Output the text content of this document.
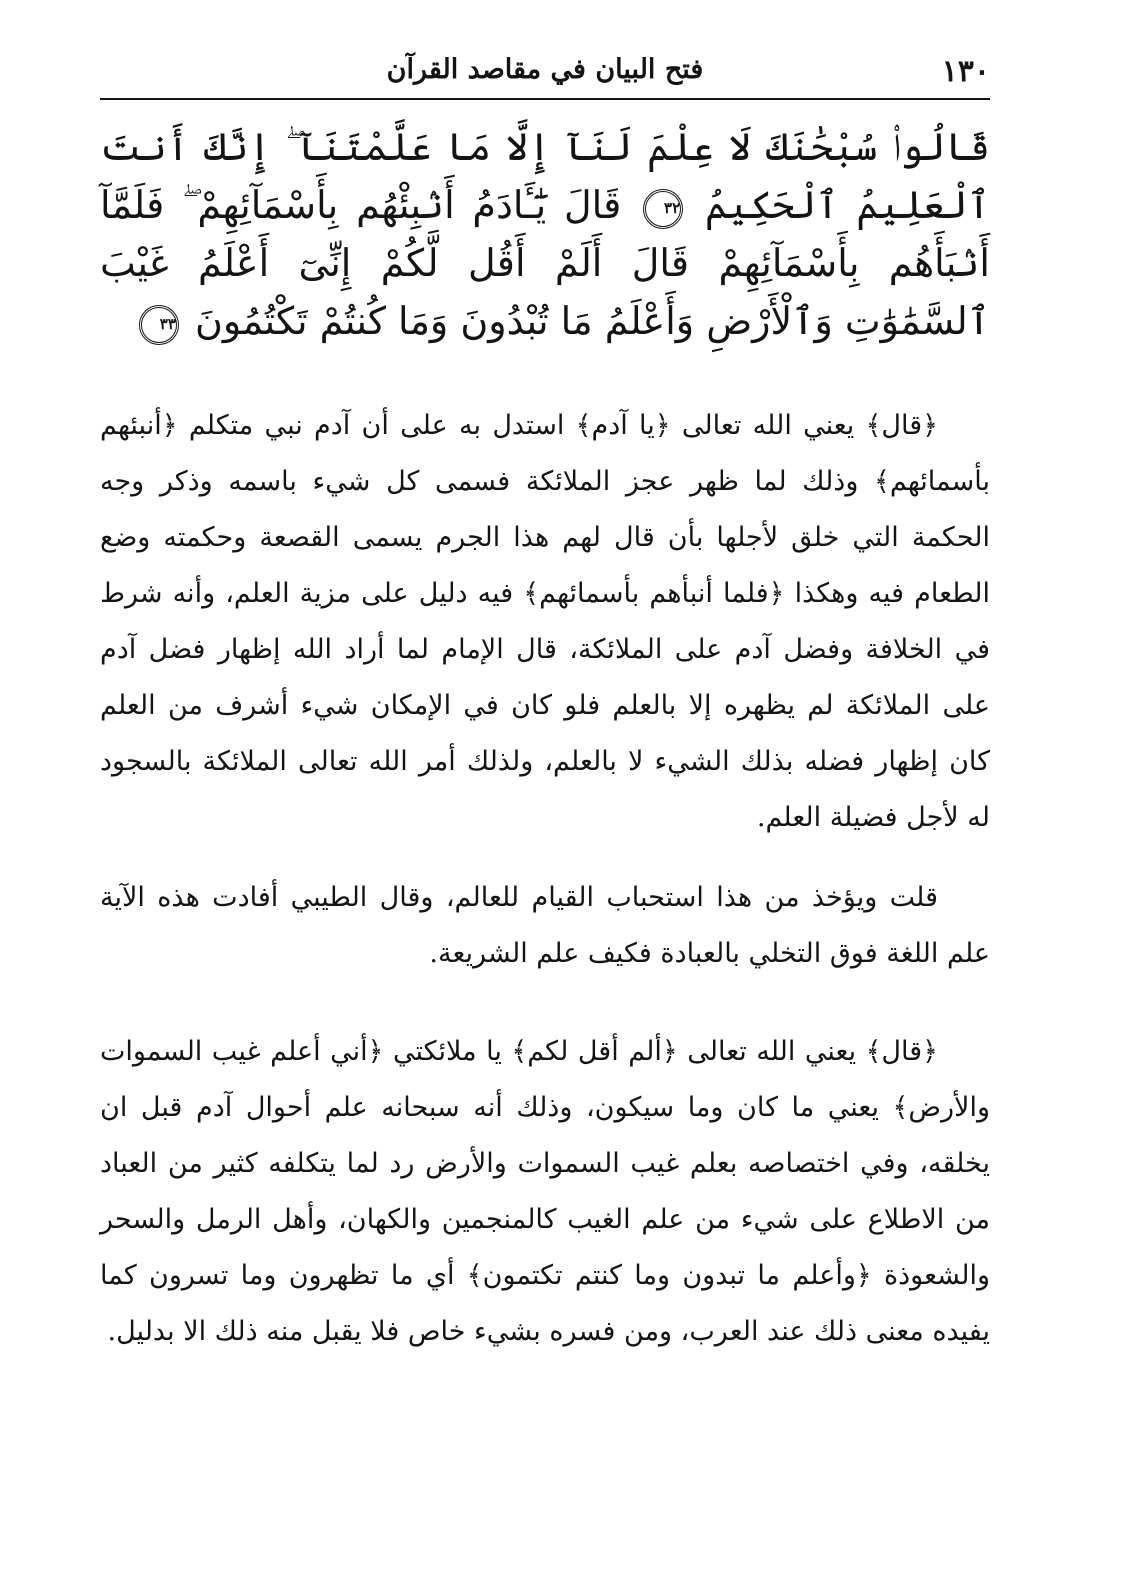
١٣٠
فتح البيان في مقاصد القرآن
قَالُوا۟ سُبْحَٰنَكَ لَا عِلْمَ لَنَآ إِلَّا مَا عَلَّمْتَنَآ ۖ إِنَّكَ أَنتَ ٱلْعَلِيمُ ٱلْحَكِيمُ ٣٢ قَالَ يَٰٓـَٔادَمُ أَنۢبِئْهُم بِأَسْمَآئِهِمْ ۖ فَلَمَّآ أَنۢبَأَهُم بِأَسْمَآئِهِمْ قَالَ أَلَمْ أَقُل لَّكُمْ إِنِّىٓ أَعْلَمُ غَيْبَ ٱلسَّمَٰوَٰتِ وَٱلْأَرْضِ وَأَعْلَمُ مَا تُبْدُونَ وَمَا كُنتُمْ تَكْتُمُونَ ٣٣

﴿قال﴾ يعني الله تعالى ﴿يا آدم﴾ استدل به على أن آدم نبي متكلم ﴿أنبئهم بأسمائهم﴾ وذلك لما ظهر عجز الملائكة فسمى كل شيء باسمه وذكر وجه الحكمة التي خلق لأجلها بأن قال لهم هذا الجرم يسمى القصعة وحكمته وضع الطعام فيه وهكذا ﴿فلما أنبأهم بأسمائهم﴾ فيه دليل على مزية العلم، وأنه شرط في الخلافة وفضل آدم على الملائكة، قال الإمام لما أراد الله إظهار فضل آدم على الملائكة لم يظهره إلا بالعلم فلو كان في الإمكان شيء أشرف من العلم كان إظهار فضله بذلك الشيء لا بالعلم، ولذلك أمر الله تعالى الملائكة بالسجود له لأجل فضيلة العلم.

قلت ويؤخذ من هذا استحباب القيام للعالم، وقال الطيبي أفادت هذه الآية علم اللغة فوق التخلي بالعبادة فكيف علم الشريعة.

﴿قال﴾ يعني الله تعالى ﴿ألم أقل لكم﴾ يا ملائكتي ﴿أني أعلم غيب السموات والأرض﴾ يعني ما كان وما سيكون، وذلك أنه سبحانه علم أحوال آدم قبل ان يخلقه، وفي اختصاصه بعلم غيب السموات والأرض رد لما يتكلفه كثير من العباد من الاطلاع على شيء من علم الغيب كالمنجمين والكهان، وأهل الرمل والسحر والشعوذة ﴿وأعلم ما تبدون وما كنتم تكتمون﴾ أي ما تظهرون وما تسرون كما يفيده معنى ذلك عند العرب، ومن فسره بشيء خاص فلا يقبل منه ذلك الا بدليل.
